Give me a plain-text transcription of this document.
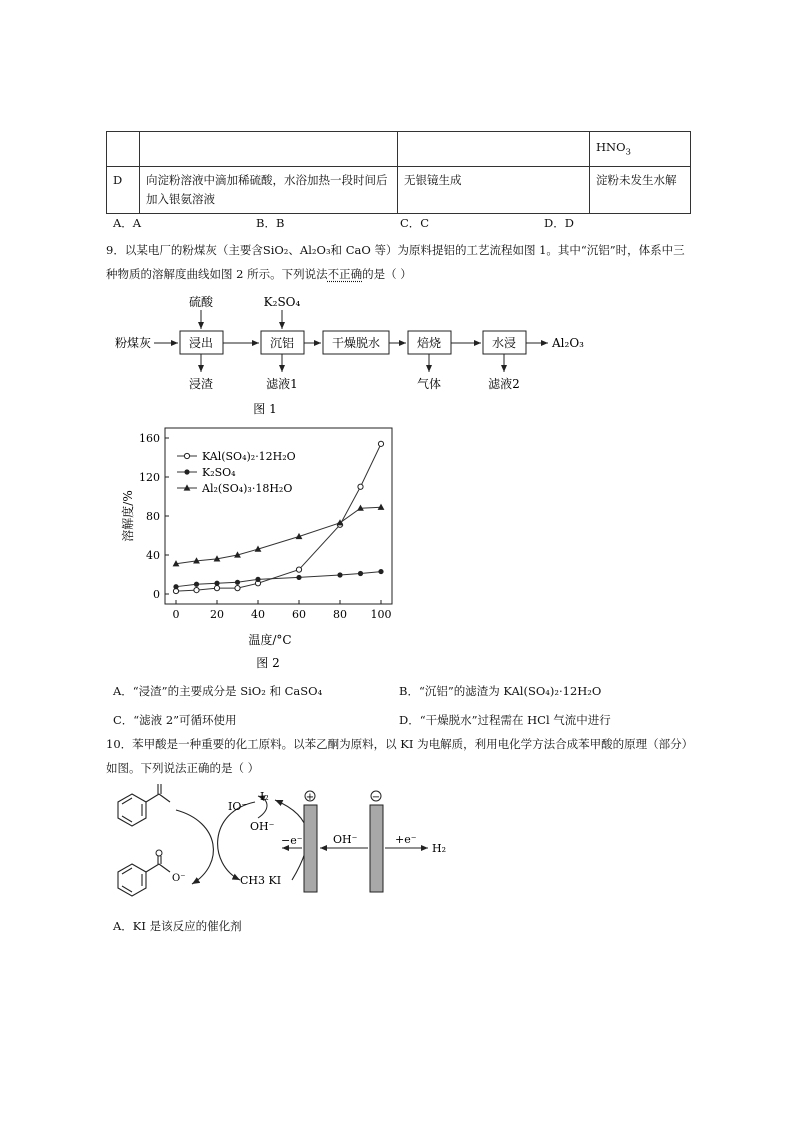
			$HNO_3$
D	向淀粉溶液中滴加稀硫酸，水浴加热一段时间后加入银氨溶液	无银镜生成	淀粉未发生水解
A．A	B．B	C．C	D．D
9．以某电厂的粉煤灰（主要含SiO₂、Al₂O₃和 CaO 等）为原料提铝的工艺流程如图 1。其中“沉铝”时，体系中三种物质的溶解度曲线如图 2 所示。下列说法不正确的是（ ）
粉煤灰	浸出	沉铝	干燥脱水	焙烧	水浸	Al₂O₃
硫酸	K₂SO₄
浸渣	滤液1	气体	滤液2
图 1
0	20 40 60 80 100
0
40
80
120
160
KAl(SO₄)₂·12H₂O
K₂SO₄
Al₂(SO₄)₃·18H₂O
温度/°C
溶解度/%
图 2
A．“浸渣”的主要成分是 SiO₂ 和 CaSO₄	B．“沉铝”的滤渣为 KAl(SO₄)₂·12H₂O
C．“滤液 2”可循环使用	D．“干燥脱水”过程需在 HCl 气流中进行
10．苯甲酸是一种重要的化工原料。以苯乙酮为原料，以 KI 为电解质，利用电化学方法合成苯甲酸的原理（部分）如图。下列说法正确的是（ ）
O⁻
IO⁻
I₂
OH⁻
CH3 KI
+	−
−e⁻	OH⁻	+e⁻
H₂
A．KI 是该反应的催化剂
